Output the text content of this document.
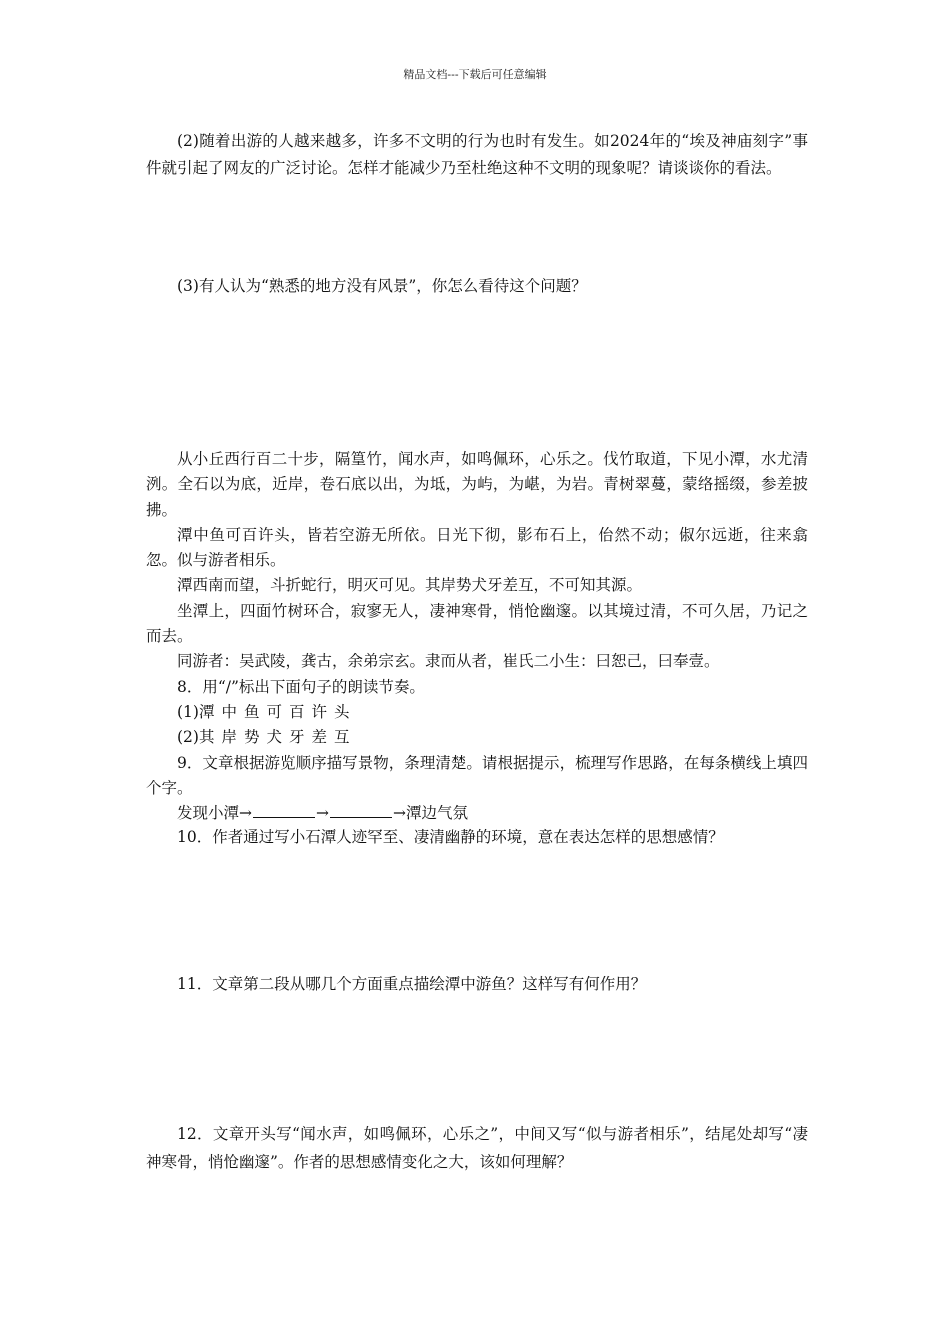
精品文档---下载后可任意编辑

(2)随着出游的人越来越多，许多不文明的行为也时有发生。如2024年的“埃及神庙刻字”事件就引起了网友的广泛讨论。怎样才能减少乃至杜绝这种不文明的现象呢？请谈谈你的看法。

(3)有人认为“熟悉的地方没有风景”，你怎么看待这个问题？

从小丘西行百二十步，隔篁竹，闻水声，如鸣佩环，心乐之。伐竹取道，下见小潭，水尤清洌。全石以为底，近岸，卷石底以出，为坻，为屿，为嵁，为岩。青树翠蔓，蒙络摇缀，参差披拂。

潭中鱼可百许头，皆若空游无所依。日光下彻，影布石上，佁然不动；俶尔远逝，往来翕忽。似与游者相乐。

潭西南而望，斗折蛇行，明灭可见。其岸势犬牙差互，不可知其源。

坐潭上，四面竹树环合，寂寥无人，凄神寒骨，悄怆幽邃。以其境过清，不可久居，乃记之而去。

同游者：吴武陵，龚古，余弟宗玄。隶而从者，崔氏二小生：曰恕己，曰奉壹。

8．用“/”标出下面句子的朗读节奏。

(1)潭中鱼可百许头

(2)其岸势犬牙差互

9．文章根据游览顺序描写景物，条理清楚。请根据提示，梳理写作思路，在每条横线上填四个字。

发现小潭→	→	→潭边气氛

10．作者通过写小石潭人迹罕至、凄清幽静的环境，意在表达怎样的思想感情？

11．文章第二段从哪几个方面重点描绘潭中游鱼？这样写有何作用？

12．文章开头写“闻水声，如鸣佩环，心乐之”，中间又写“似与游者相乐”，结尾处却写“凄神寒骨，悄怆幽邃”。作者的思想感情变化之大，该如何理解？
